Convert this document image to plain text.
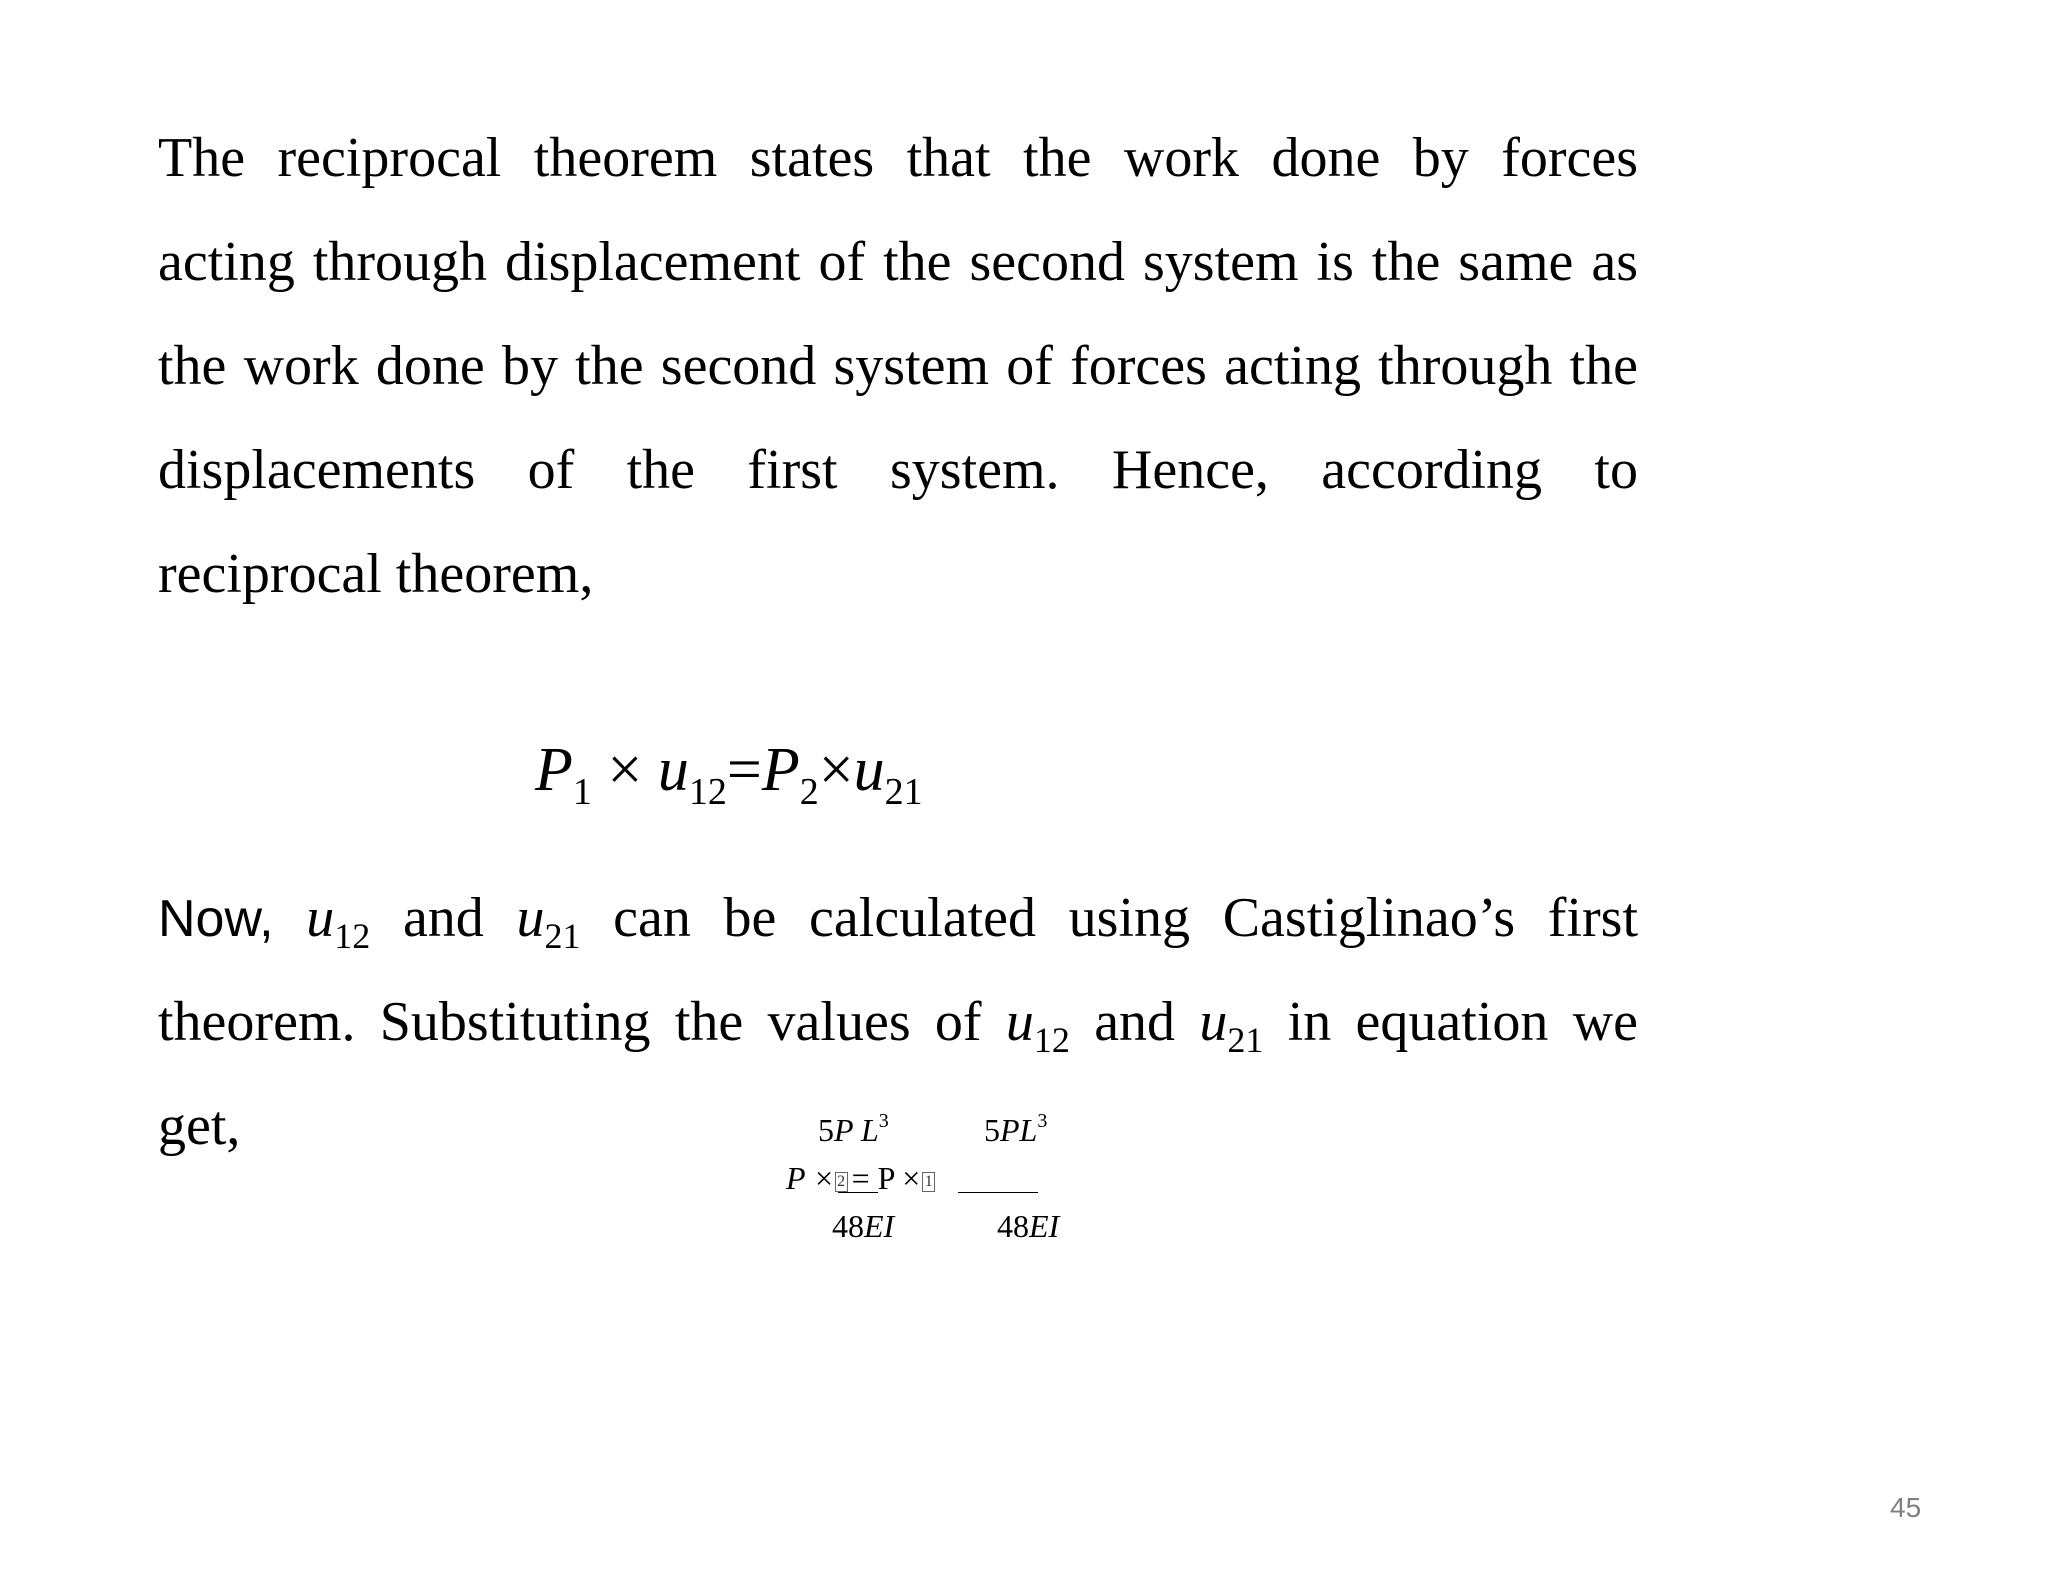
The reciprocal theorem states that the work done by forces
acting through displacement of the second system is the same as
the work done by the second system of forces acting through the
displacements of the first system. Hence, according to
reciprocal theorem,
$P_1 \times u_{12}=P_2\times u_{21}$
Now, $u_{12}$ and $u_{21}$ can be calculated using Castiglinao’s first
theorem. Substituting the values of $u_{12}$ and $u_{21}$ in equation we
get,	5P $L^3$	$5PL^3$
P × 2 = P × 1
48EI	48EI
45
